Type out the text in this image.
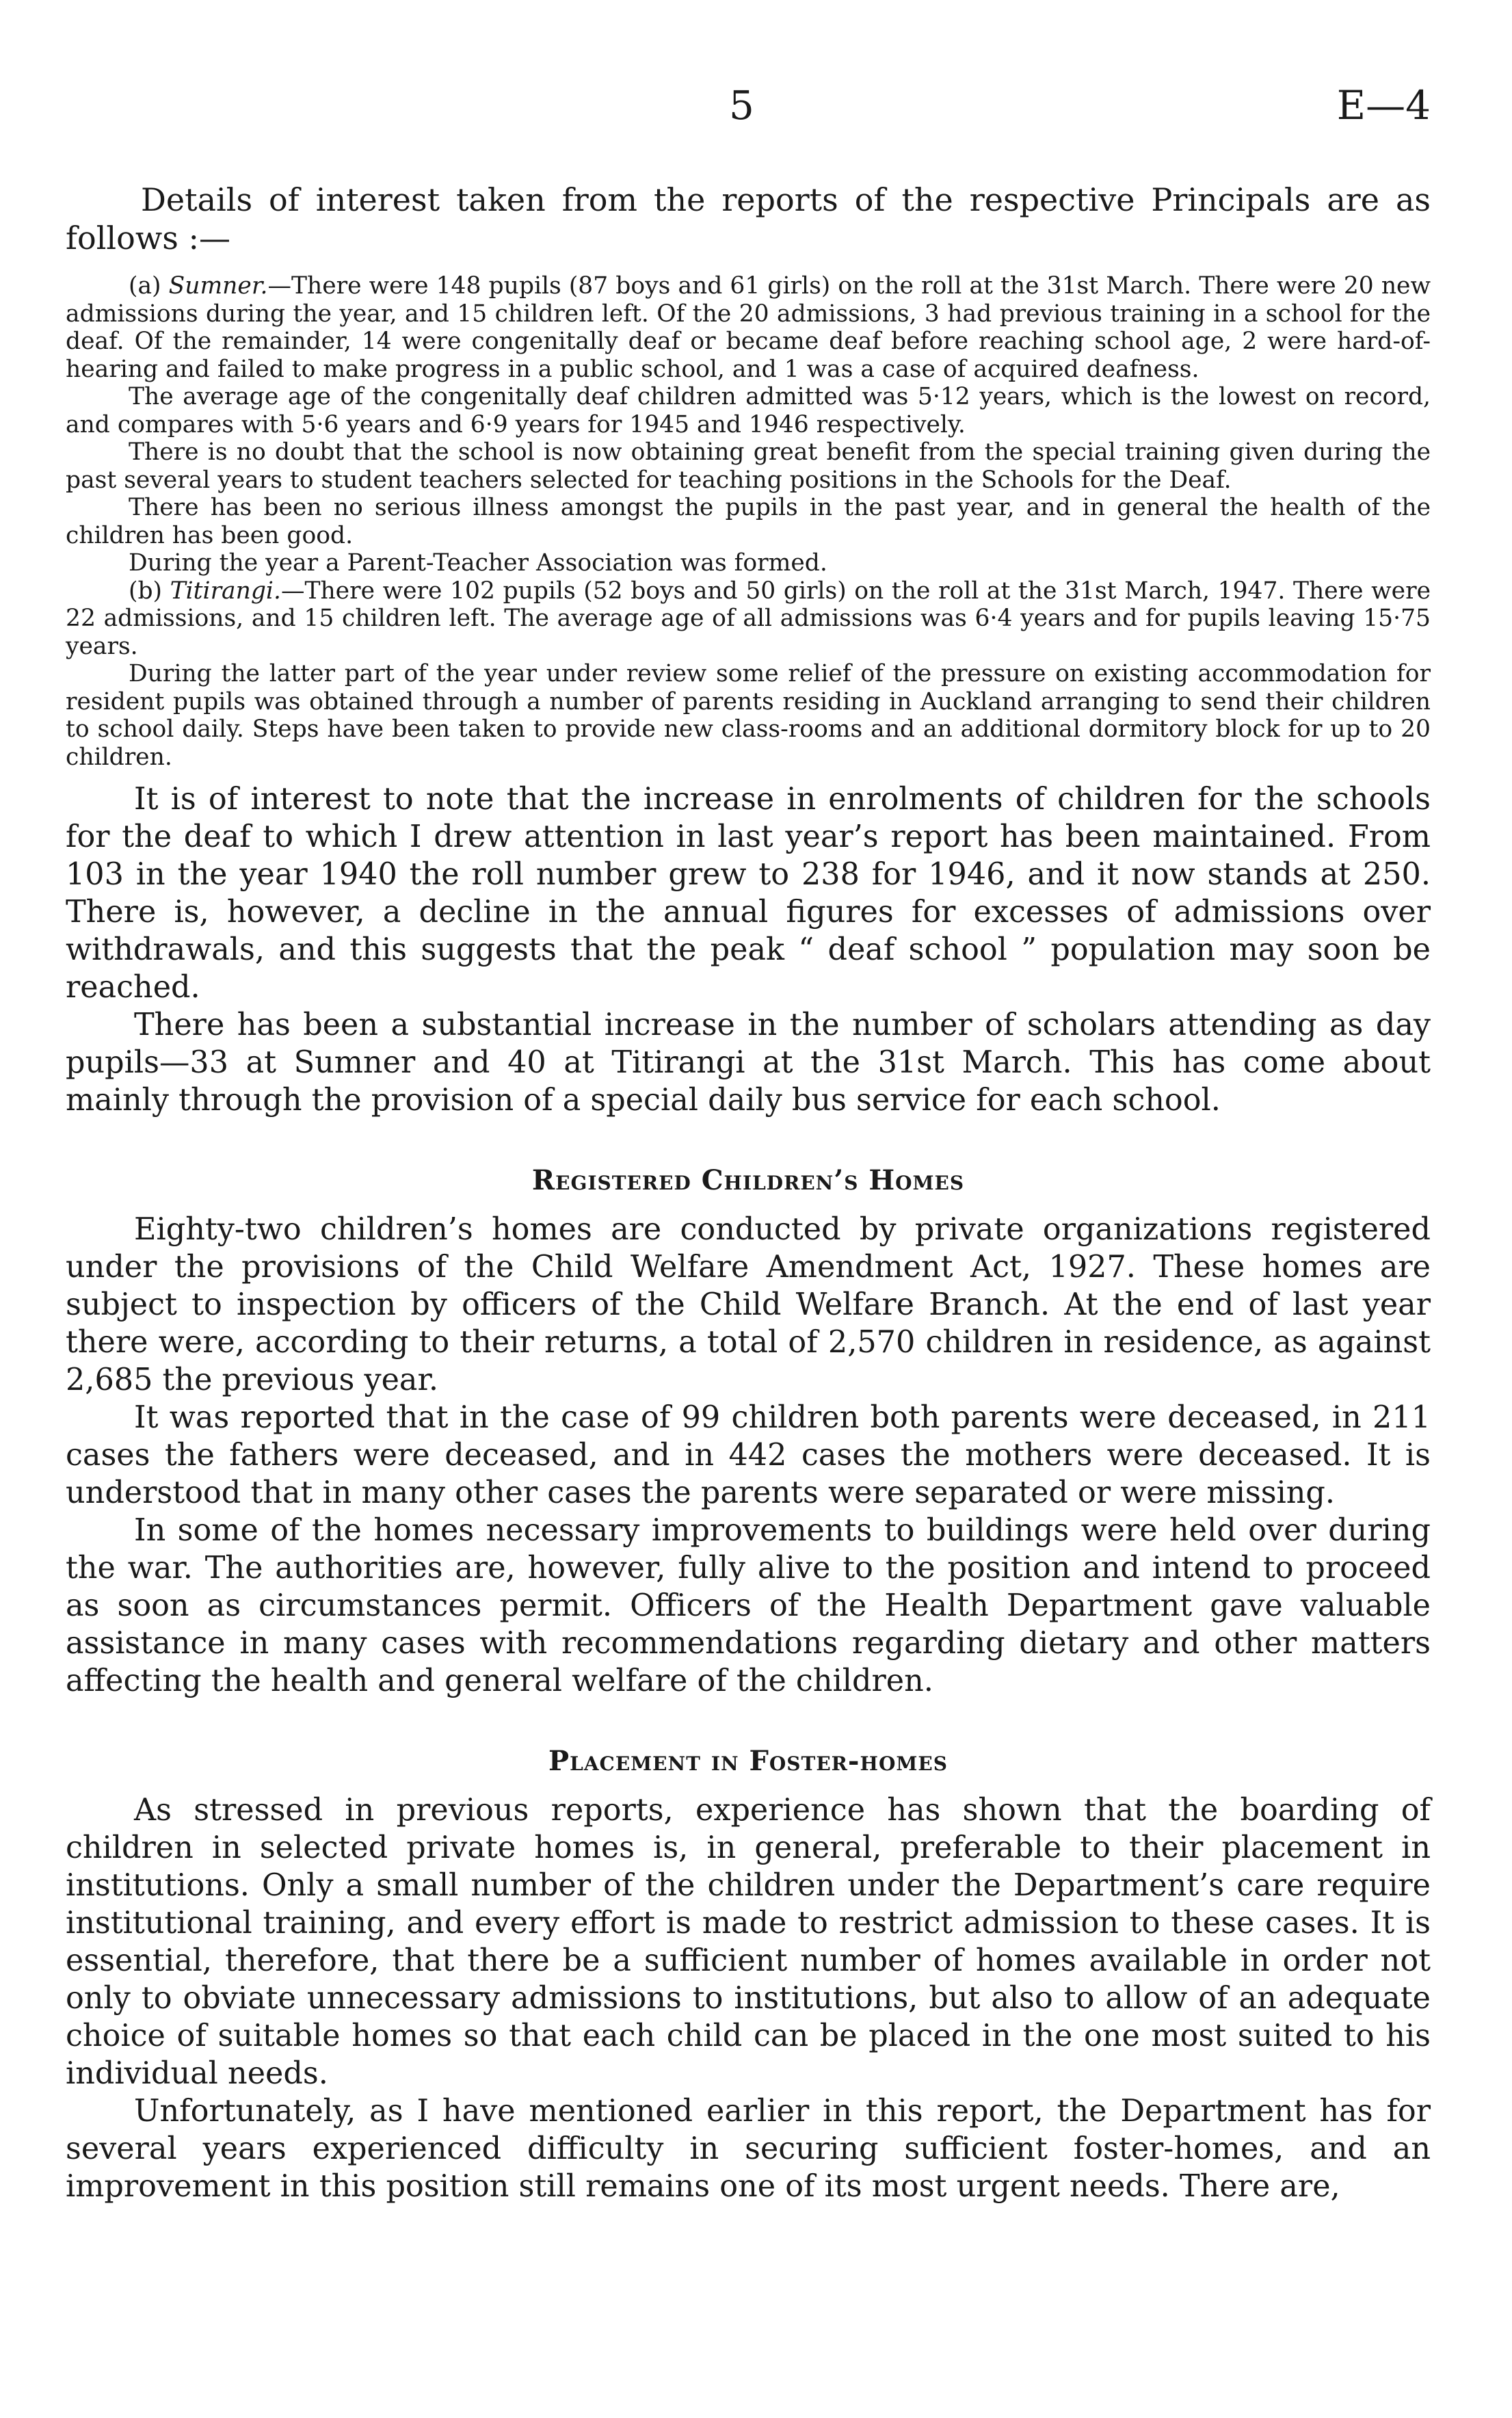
5	E—4

Details of interest taken from the reports of the respective Principals are as follows :—

(a) Sumner.—There were 148 pupils (87 boys and 61 girls) on the roll at the 31st March. There were 20 new admissions during the year, and 15 children left. Of the 20 admissions, 3 had previous training in a school for the deaf. Of the remainder, 14 were congenitally deaf or became deaf before reaching school age, 2 were hard-of-hearing and failed to make progress in a public school, and 1 was a case of acquired deafness.

The average age of the congenitally deaf children admitted was 5·12 years, which is the lowest on record, and compares with 5·6 years and 6·9 years for 1945 and 1946 respectively.

There is no doubt that the school is now obtaining great benefit from the special training given during the past several years to student teachers selected for teaching positions in the Schools for the Deaf.

There has been no serious illness amongst the pupils in the past year, and in general the health of the children has been good.

During the year a Parent-Teacher Association was formed.

(b) Titirangi.—There were 102 pupils (52 boys and 50 girls) on the roll at the 31st March, 1947. There were 22 admissions, and 15 children left. The average age of all admissions was 6·4 years and for pupils leaving 15·75 years.

During the latter part of the year under review some relief of the pressure on existing accommodation for resident pupils was obtained through a number of parents residing in Auckland arranging to send their children to school daily. Steps have been taken to provide new class-rooms and an additional dormitory block for up to 20 children.

It is of interest to note that the increase in enrolments of children for the schools for the deaf to which I drew attention in last year’s report has been maintained. From 103 in the year 1940 the roll number grew to 238 for 1946, and it now stands at 250. There is, however, a decline in the annual figures for excesses of admissions over withdrawals, and this suggests that the peak “ deaf school ” population may soon be reached.

There has been a substantial increase in the number of scholars attending as day pupils—33 at Sumner and 40 at Titirangi at the 31st March. This has come about mainly through the provision of a special daily bus service for each school.

Registered Children’s Homes

Eighty-two children’s homes are conducted by private organizations registered under the provisions of the Child Welfare Amendment Act, 1927. These homes are subject to inspection by officers of the Child Welfare Branch. At the end of last year there were, according to their returns, a total of 2,570 children in residence, as against 2,685 the previous year.

It was reported that in the case of 99 children both parents were deceased, in 211 cases the fathers were deceased, and in 442 cases the mothers were deceased. It is understood that in many other cases the parents were separated or were missing.

In some of the homes necessary improvements to buildings were held over during the war. The authorities are, however, fully alive to the position and intend to proceed as soon as circumstances permit. Officers of the Health Department gave valuable assistance in many cases with recommendations regarding dietary and other matters affecting the health and general welfare of the children.

Placement in Foster-homes

As stressed in previous reports, experience has shown that the boarding of children in selected private homes is, in general, preferable to their placement in institutions. Only a small number of the children under the Department’s care require institutional training, and every effort is made to restrict admission to these cases. It is essential, therefore, that there be a sufficient number of homes available in order not only to obviate unnecessary admissions to institutions, but also to allow of an adequate choice of suitable homes so that each child can be placed in the one most suited to his individual needs.

Unfortunately, as I have mentioned earlier in this report, the Department has for several years experienced difficulty in securing sufficient foster-homes, and an improvement in this position still remains one of its most urgent needs. There are,
